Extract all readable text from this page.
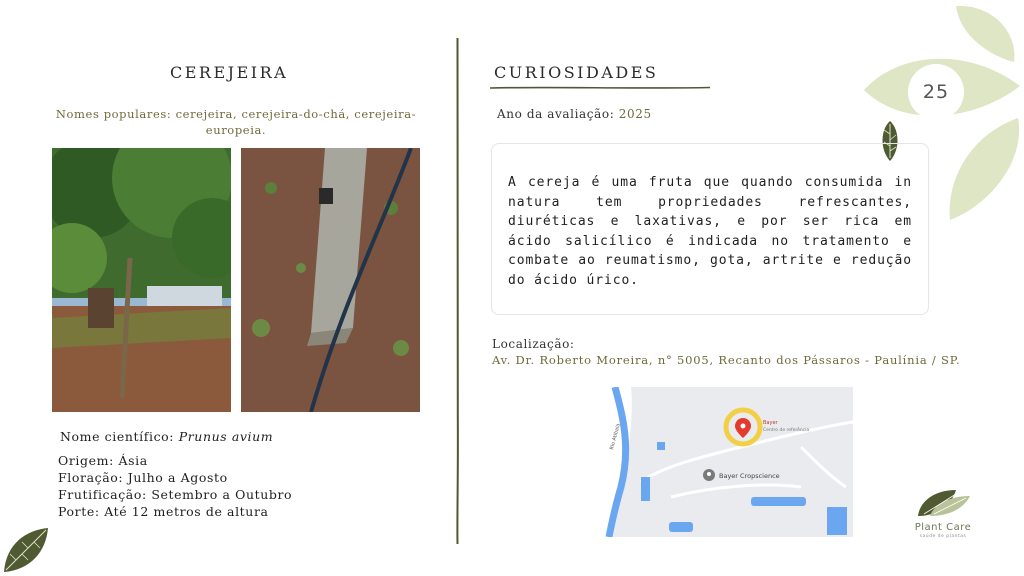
25
CEREJEIRA
Nomes populares: cerejeira, cerejeira-do-chá, cerejeira-europeia.
Nome científico: Prunus avium
Origem: Ásia
Floração: Julho a Agosto
Frutificação: Setembro a Outubro
Porte: Até 12 metros de altura
CURIOSIDADES
Ano da avaliação: 2025
A cereja é uma fruta que quando consumida in natura tem propriedades refrescantes, diuréticas e laxativas, e por ser rica em ácido salicílico é indicada no tratamento e combate ao reumatismo, gota, artrite e redução do ácido úrico.
Localização:
Av. Dr. Roberto Moreira, n° 5005, Recanto dos Pássaros - Paulínia / SP.
Rio Atibaia
Bayer
Centro de referência
Bayer Cropscience
Plant Care
saúde de plantas
